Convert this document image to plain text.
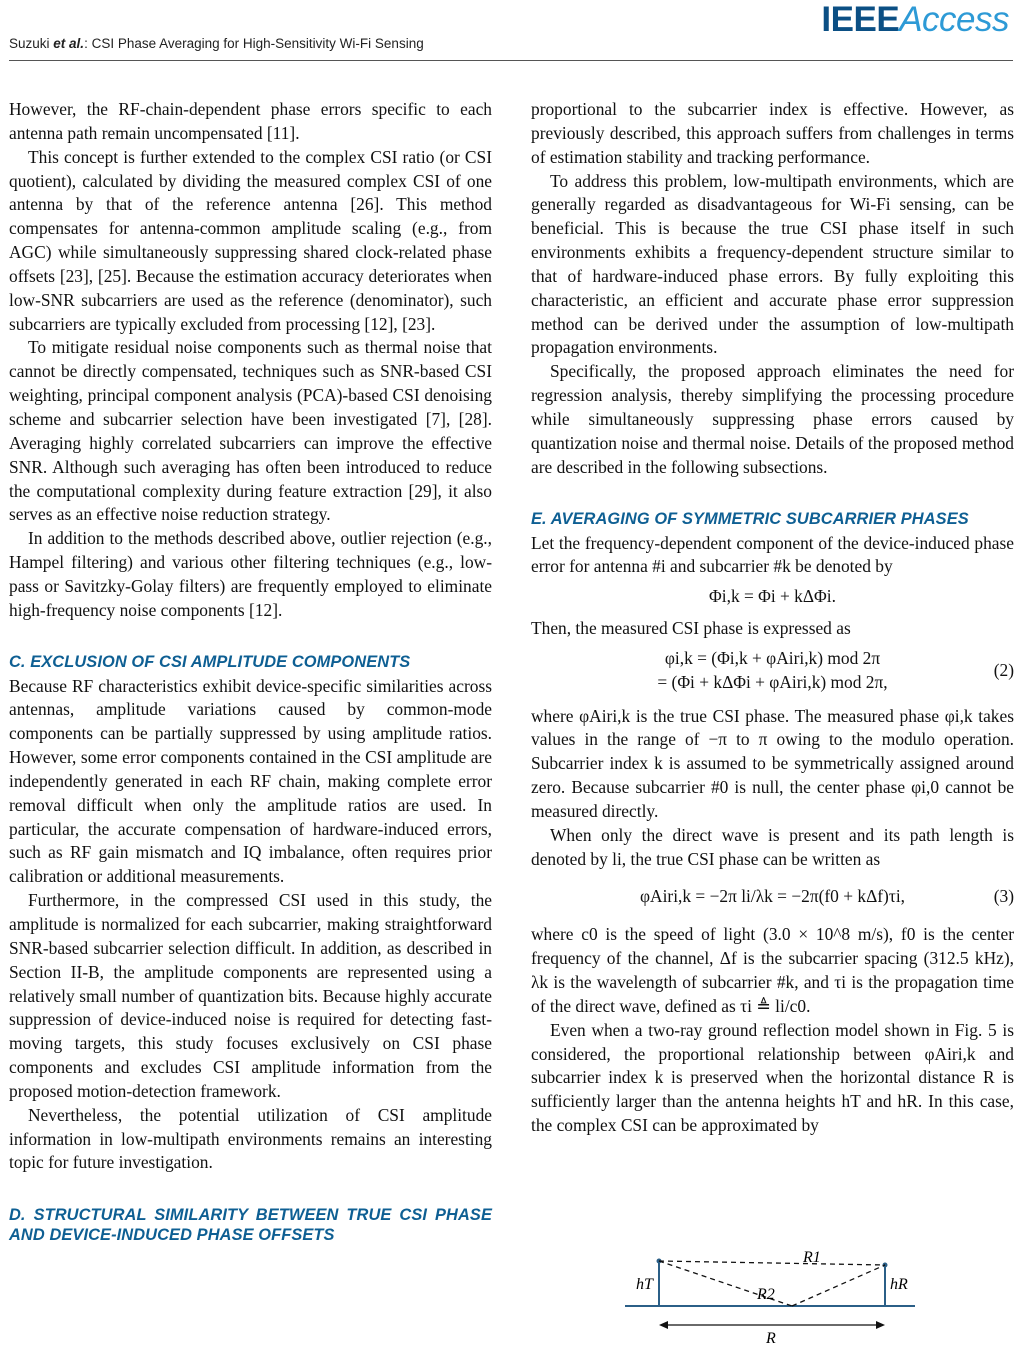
Suzuki et al.: CSI Phase Averaging for High-Sensitivity Wi-Fi Sensing
IEEEAccess

However, the RF-chain-dependent phase errors specific to each antenna path remain uncompensated [11].

This concept is further extended to the complex CSI ratio (or CSI quotient), calculated by dividing the measured complex CSI of one antenna by that of the reference antenna [26]. This method compensates for antenna-common amplitude scaling (e.g., from AGC) while simultaneously suppressing shared clock-related phase offsets [23], [25]. Because the estimation accuracy deteriorates when low-SNR subcarriers are used as the reference (denominator), such subcarriers are typically excluded from processing [12], [23].

To mitigate residual noise components such as thermal noise that cannot be directly compensated, techniques such as SNR-based CSI weighting, principal component analysis (PCA)-based CSI denoising scheme and subcarrier selection have been investigated [7], [28]. Averaging highly correlated subcarriers can improve the effective SNR. Although such averaging has often been introduced to reduce the computational complexity during feature extraction [29], it also serves as an effective noise reduction strategy.

In addition to the methods described above, outlier rejection (e.g., Hampel filtering) and various other filtering techniques (e.g., low-pass or Savitzky-Golay filters) are frequently employed to eliminate high-frequency noise components [12].

C. EXCLUSION OF CSI AMPLITUDE COMPONENTS

Because RF characteristics exhibit device-specific similarities across antennas, amplitude variations caused by common-mode components can be partially suppressed by using amplitude ratios. However, some error components contained in the CSI amplitude are independently generated in each RF chain, making complete error removal difficult when only the amplitude ratios are used. In particular, the accurate compensation of hardware-induced errors, such as RF gain mismatch and IQ imbalance, often requires prior calibration or additional measurements.

Furthermore, in the compressed CSI used in this study, the amplitude is normalized for each subcarrier, making straightforward SNR-based subcarrier selection difficult. In addition, as described in Section II-B, the amplitude components are represented using a relatively small number of quantization bits. Because highly accurate suppression of device-induced noise is required for detecting fast-moving targets, this study focuses exclusively on CSI phase components and excludes CSI amplitude information from the proposed motion-detection framework.

Nevertheless, the potential utilization of CSI amplitude information in low-multipath environments remains an interesting topic for future investigation.

D. STRUCTURAL SIMILARITY BETWEEN TRUE CSI PHASE AND DEVICE-INDUCED PHASE OFFSETS

proportional to the subcarrier index is effective. However, as previously described, this approach suffers from challenges in terms of estimation stability and tracking performance.

To address this problem, low-multipath environments, which are generally regarded as disadvantageous for Wi-Fi sensing, can be beneficial. This is because the true CSI phase itself in such environments exhibits a frequency-dependent structure similar to that of hardware-induced phase errors. By fully exploiting this characteristic, an efficient and accurate phase error suppression method can be derived under the assumption of low-multipath propagation environments.

Specifically, the proposed approach eliminates the need for regression analysis, thereby simplifying the processing procedure while simultaneously suppressing phase errors caused by quantization noise and thermal noise. Details of the proposed method are described in the following subsections.

E. AVERAGING OF SYMMETRIC SUBCARRIER PHASES

Let the frequency-dependent component of the device-induced phase error for antenna #i and subcarrier #k be denoted by

Φi,k = Φi + kΔΦi.

Then, the measured CSI phase is expressed as

φi,k = (Φi,k + φAiri,k) mod 2π
= (Φi + kΔΦi + φAiri,k) mod 2π,
(2)

where φAiri,k is the true CSI phase. The measured phase φi,k takes values in the range of −π to π owing to the modulo operation. Subcarrier index k is assumed to be symmetrically assigned around zero. Because subcarrier #0 is null, the center phase φi,0 cannot be measured directly.

When only the direct wave is present and its path length is denoted by li, the true CSI phase can be written as

φAiri,k = −2π li/λk = −2π(f0 + kΔf)τi,	(3)

where c0 is the speed of light (3.0 × 10^8 m/s), f0 is the center frequency of the channel, Δf is the subcarrier spacing (312.5 kHz), λk is the wavelength of subcarrier #k, and τi is the propagation time of the direct wave, defined as τi ≜ li/c0.

Even when a two-ray ground reflection model shown in Fig. 5 is considered, the proportional relationship between φAiri,k and subcarrier index k is preserved when the horizontal distance R is sufficiently larger than the antenna heights hT and hR. In this case, the complex CSI can be approximated by

R1
R2
hT	hR
R
